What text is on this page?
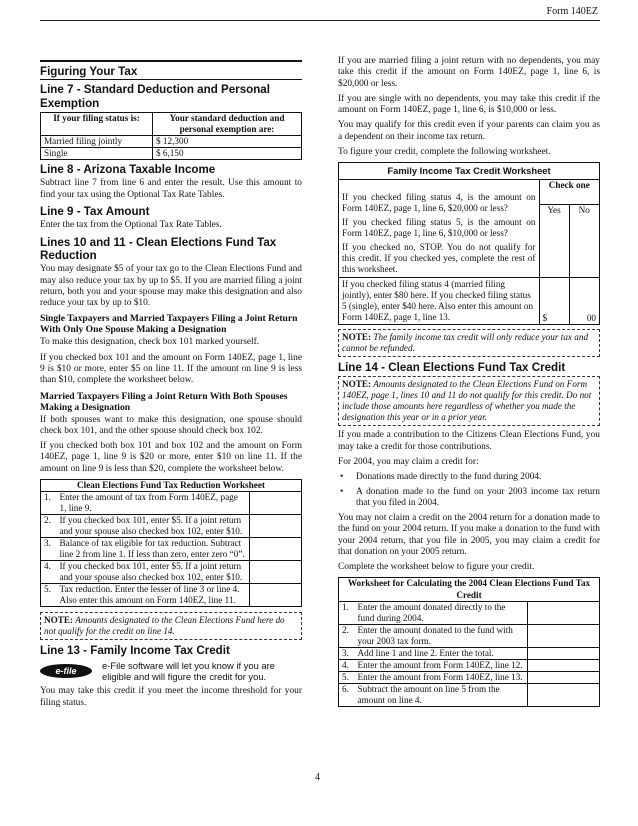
Form 140EZ
Figuring Your Tax
Line 7 - Standard Deduction and Personal Exemption
If your filing status is:	Your standard deduction and personal exemption are:
Married filing jointly	$ 12,300
Single	$ 6,150
Line 8 - Arizona Taxable Income

Subtract line 7 from line 6 and enter the result. Use this amount to find your tax using the Optional Tax Rate Tables.

Line 9 - Tax Amount

Enter the tax from the Optional Tax Rate Tables.

Lines 10 and 11 - Clean Elections Fund Tax Reduction

You may designate $5 of your tax go to the Clean Elections Fund and may also reduce your tax by up to $5. If you are married filing a joint return, both you and your spouse may make this designation and also reduce your tax by up to $10.

Single Taxpayers and Married Taxpayers Filing a Joint Return With Only One Spouse Making a Designation

To make this designation, check box 101 marked yourself.

If you checked box 101 and the amount on Form 140EZ, page 1, line 9 is $10 or more, enter $5 on line 11. If the amount on line 9 is less than $10, complete the worksheet below.

Married Taxpayers Filing a Joint Return With Both Spouses Making a Designation

If both spouses want to make this designation, one spouse should check box 101, and the other spouse should check box 102.

If you checked both box 101 and box 102 and the amount on Form 140EZ, page 1, line 9 is $20 or more, enter $10 on line 11. If the amount on line 9 is less than $20, complete the worksheet below.

Clean Elections Fund Tax Reduction Worksheet		
1.	Enter the amount of tax from Form 140EZ, page 1, line 9.	
2.	If you checked box 101, enter $5. If a joint return and your spouse also checked box 102, enter $10.	
3.	Balance of tax eligible for tax reduction. Subtract line 2 from line 1. If less than zero, enter zero “0”.	
4.	If you checked box 101, enter $5. If a joint return and your spouse also checked box 102, enter $10.	
5.	Tax reduction. Enter the lesser of line 3 or line 4. Also enter this amount on Form 140EZ, line 11.	
NOTE: Amounts designated to the Clean Elections Fund here do not qualify for the credit on line 14.
Line 13 - Family Income Tax Credit
e-file	e-File software will let you know if you are eligible and will figure the credit for you.

You may take this credit if you meet the income threshold for your filing status.

If you are married filing a joint return with no dependents, you may take this credit if the amount on Form 140EZ, page 1, line 6, is $20,000 or less.

If you are single with no dependents, you may take this credit if the amount on Form 140EZ, page 1, line 6, is $10,000 or less.

You may qualify for this credit even if your parents can claim you as a dependent on their income tax return.

To figure your credit, complete the following worksheet.

Family Income Tax Credit Worksheet

If you checked filing status 4, is the amount on Form 140EZ, page 1, line 6, $20,000 or less?

If you checked filing status 5, is the amount on Form 140EZ, page 1, line 6, $10,000 or less?

If you checked no, STOP. You do not qualify for this credit. If you checked yes, complete the rest of this worksheet.	Check one	
	Yes	No

If you checked filing status 4 (married filing jointly), enter $80 here. If you checked filing status 5 (single), enter $40 here. Also enter this amount on Form 140EZ, page 1, line 13.	$	00
NOTE: The family income tax credit will only reduce your tax and cannot be refunded.
Line 14 - Clean Elections Fund Tax Credit
NOTE: Amounts designated to the Clean Elections Fund on Form 140EZ, page 1, lines 10 and 11 do not qualify for this credit. Do not include those amounts here regardless of whether you made the designation this year or in a prior year.

If you made a contribution to the Citizens Clean Elections Fund, you may take a credit for those contributions.

For 2004, you may claim a credit for:

• Donations made directly to the fund during 2004.
• A donation made to the fund on your 2003 income tax return that you filed in 2004.

You may not claim a credit on the 2004 return for a donation made to the fund on your 2004 return. If you make a donation to the fund with your 2004 return, that you file in 2005, you may claim a credit for that donation on your 2005 return.

Complete the worksheet below to figure your credit.

Worksheet for Calculating the 2004 Clean Elections Fund Tax Credit		
1.	Enter the amount donated directly to the fund during 2004.	
2.	Enter the amount donated to the fund with your 2003 tax form.	
3.	Add line 1 and line 2. Enter the total.	
4.	Enter the amount from Form 140EZ, line 12.	
5.	Enter the amount from Form 140EZ, line 13.	
6.	Subtract the amount on line 5 from the amount on line 4.	
4
